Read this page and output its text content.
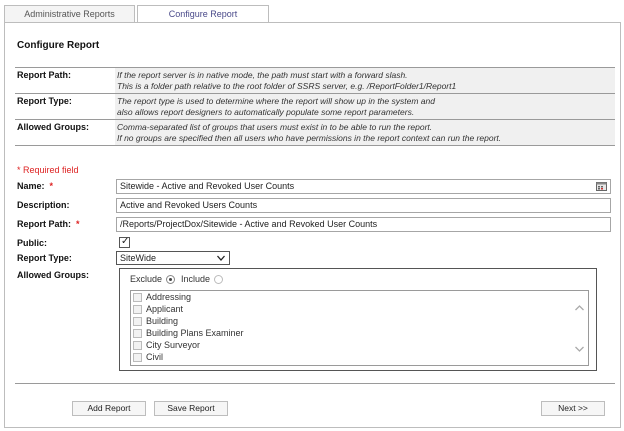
Administrative Reports	Configure Report
Configure Report
Report Path:	If the report server is in native mode, the path must start with a forward slash.
This is a folder path relative to the root folder of SSRS server, e.g. /ReportFolder1/Report1
Report Type:	The report type is used to determine where the report will show up in the system and
also allows report designers to automatically populate some report parameters.
Allowed Groups:	Comma-separated list of groups that users must exist in to be able to run the report.
If no groups are specified then all users who have permissions in the report context can run the report.
* Required field
Name: *	Sitewide - Active and Revoked User Counts
Description:	Active and Revoked Users Counts
Report Path: *	/Reports/ProjectDox/Sitewide - Active and Revoked User Counts
Public:	✓
Report Type:	SiteWide
Allowed Groups:	Exclude Include
Addressing
Applicant
Building
Building Plans Examiner
City Surveyor
Civil
Add Report	Save Report	Next >>
